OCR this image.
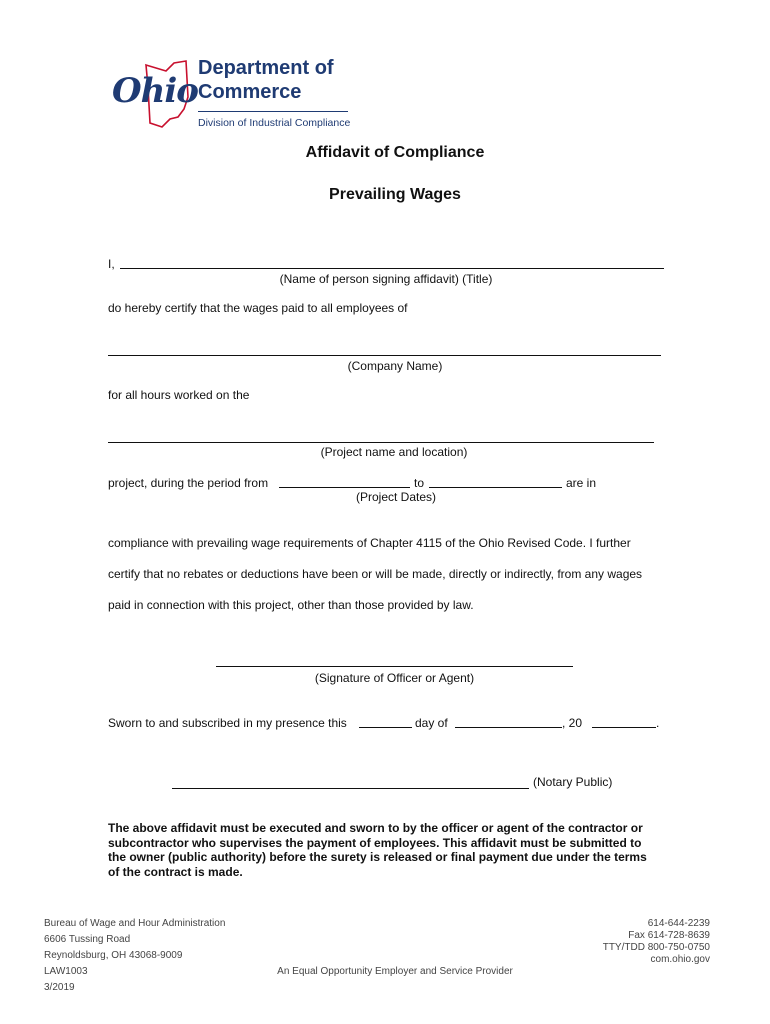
Ohio
Department of
Commerce
Division of Industrial Compliance
Affidavit of Compliance
Prevailing Wages
I,
(Name of person signing affidavit) (Title)
do hereby certify that the wages paid to all employees of
(Company Name)
for all hours worked on the
(Project name and location)
project, during the period from	to	are in
(Project Dates)
compliance with prevailing wage requirements of Chapter 4115 of the Ohio Revised Code. I further
certify that no rebates or deductions have been or will be made, directly or indirectly, from any wages
paid in connection with this project, other than those provided by law.
(Signature of Officer or Agent)
Sworn to and subscribed in my presence this	day of	, 20	.
(Notary Public)
The above affidavit must be executed and sworn to by the officer or agent of the contractor or
subcontractor who supervises the payment of employees. This affidavit must be submitted to
the owner (public authority) before the surety is released or final payment due under the terms
of the contract is made.
Bureau of Wage and Hour Administration
6606 Tussing Road
Reynoldsburg, OH 43068-9009
LAW1003
3/2019
An Equal Opportunity Employer and Service Provider
614-644-2239
Fax 614-728-8639
TTY/TDD 800-750-0750
com.ohio.gov
